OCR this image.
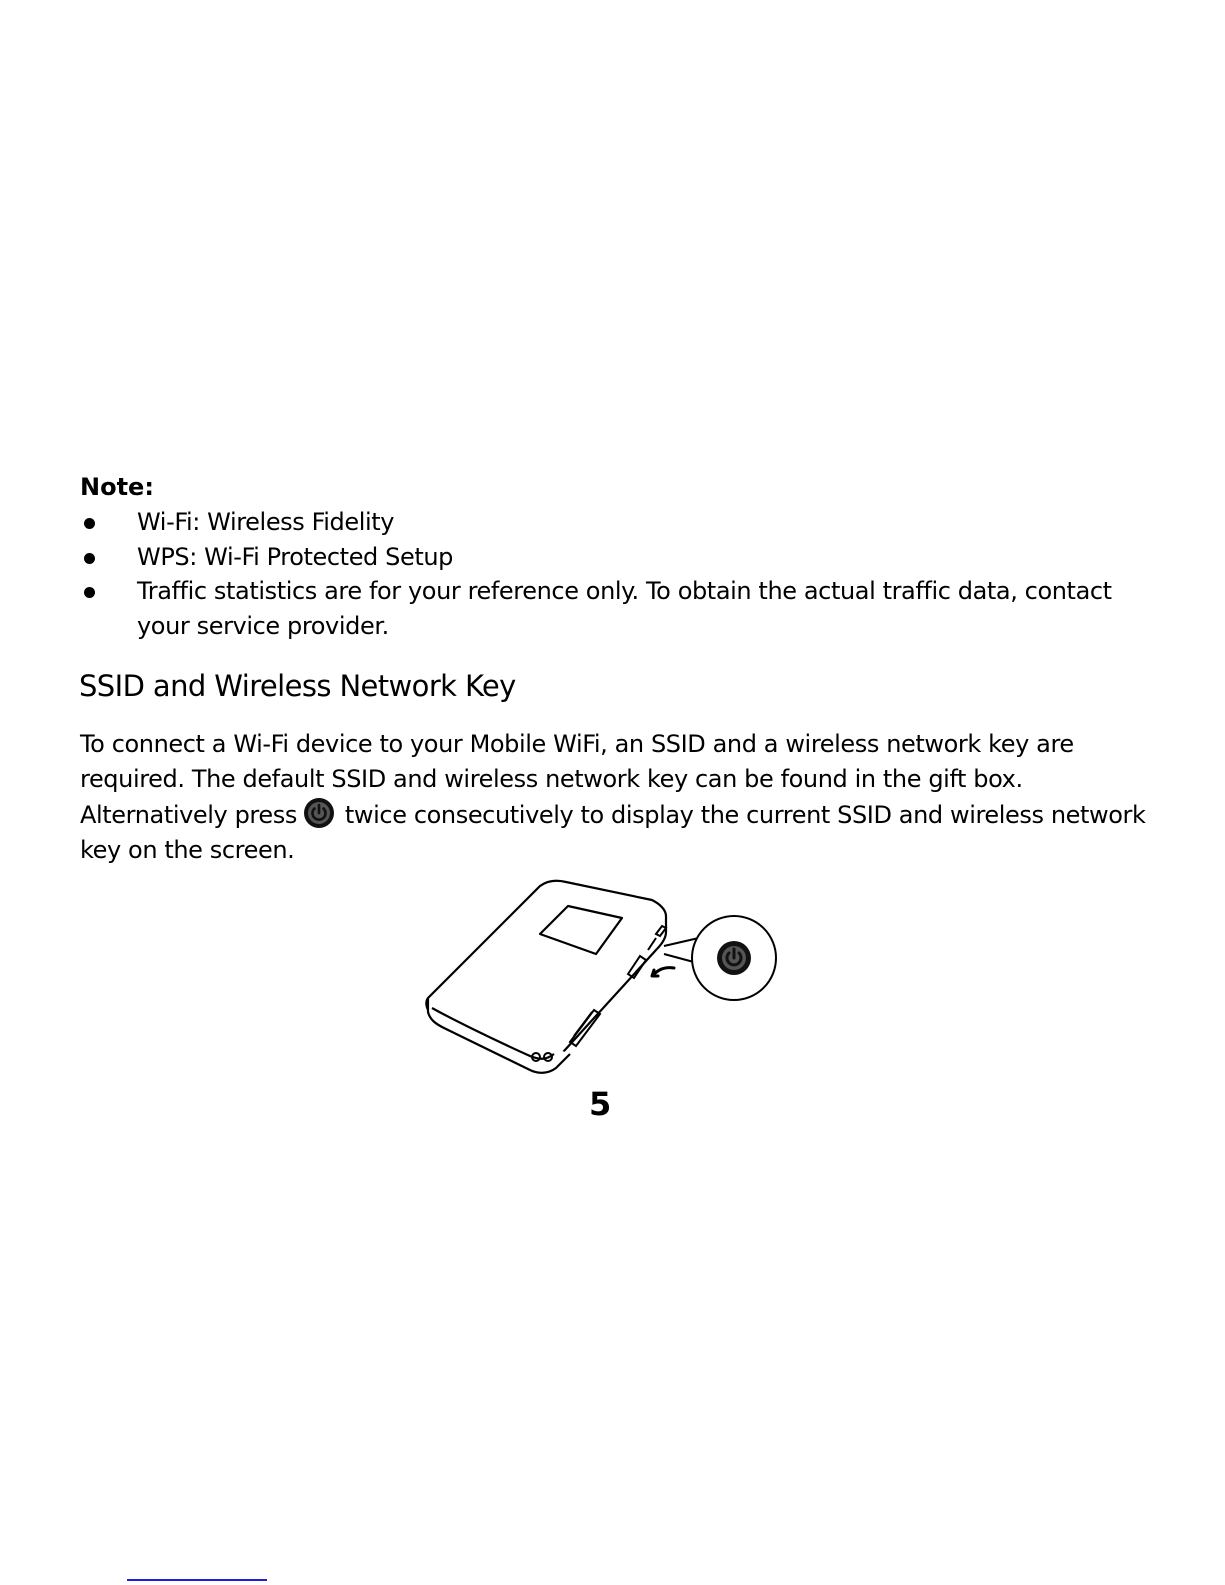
Note:
Wi-Fi: Wireless Fidelity
WPS: Wi-Fi Protected Setup
Traffic statistics are for your reference only. To obtain the actual traffic data, contact your service provider.
SSID and Wireless Network Key

To connect a Wi-Fi device to your Mobile WiFi, an SSID and a wireless network key are required. The default SSID and wireless network key can be found in the gift box. Alternatively press twice consecutively to display the current SSID and wireless network key on the screen.

5
